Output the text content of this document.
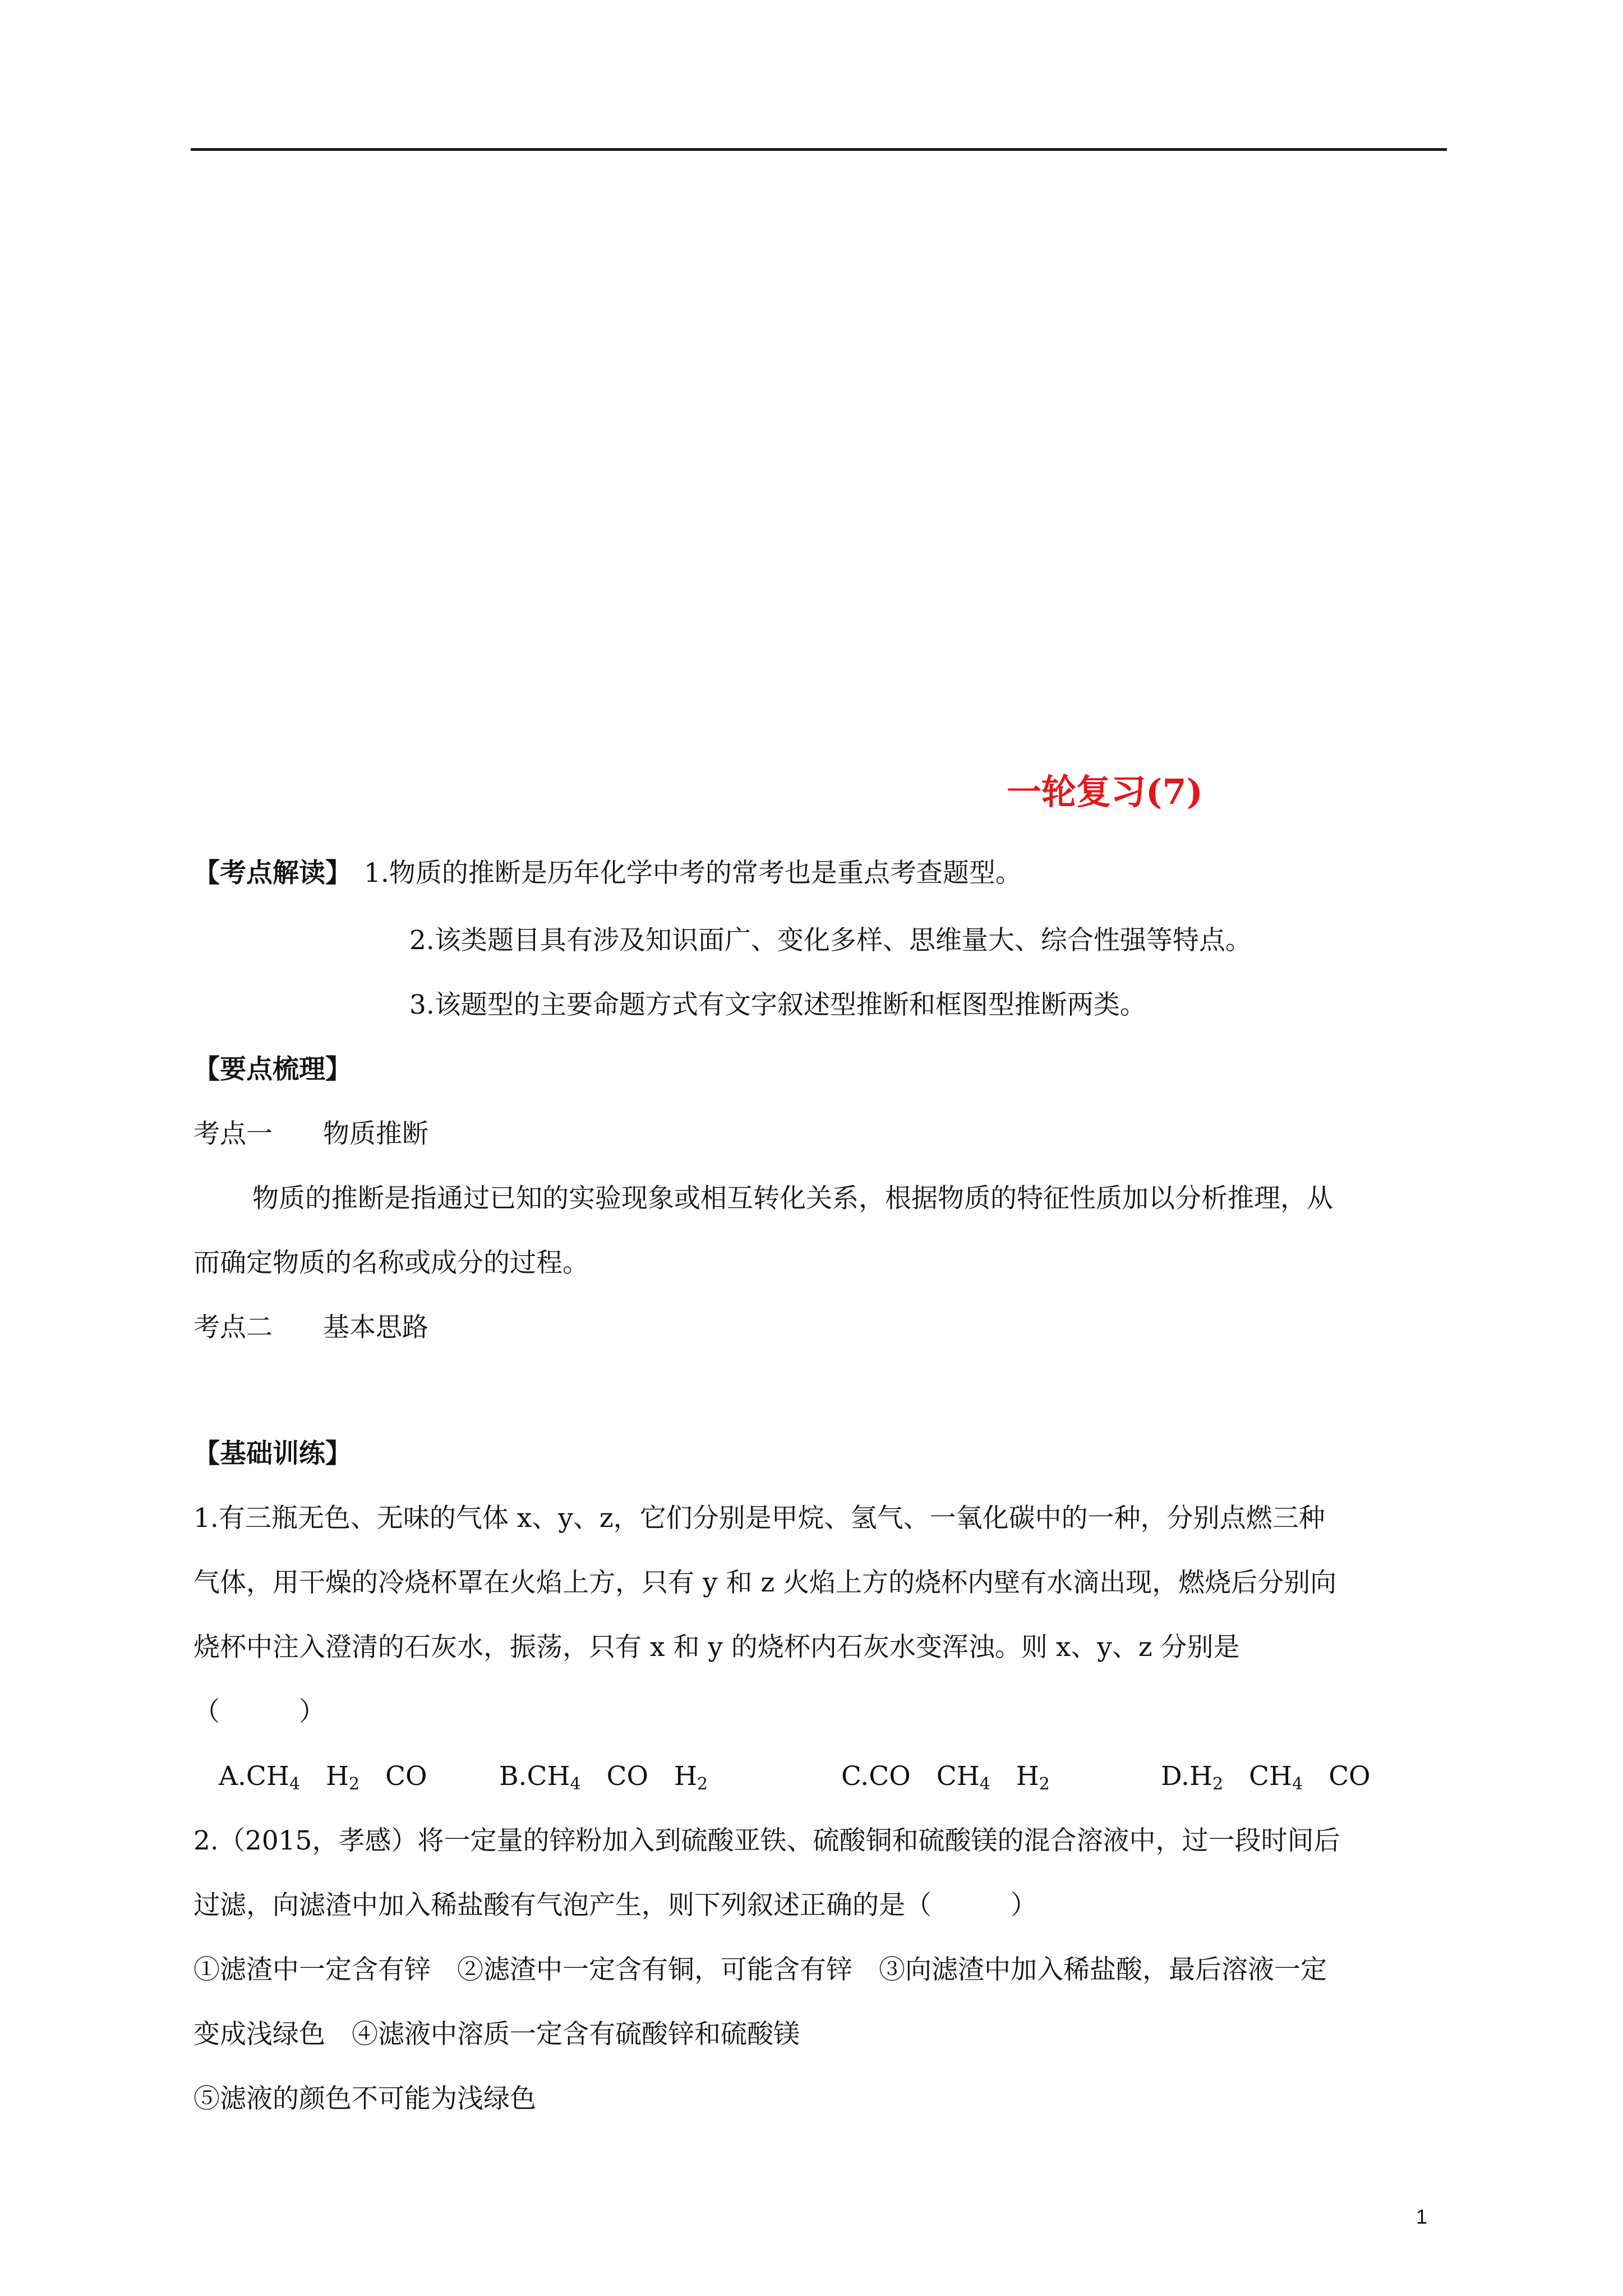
一轮复习(7)
【考点解读】 1.物质的推断是历年化学中考的常考也是重点考查题型。
2.该类题目具有涉及知识面广、变化多样、思维量大、综合性强等特点。
3.该题型的主要命题方式有文字叙述型推断和框图型推断两类。
【要点梳理】
考点一 物质推断
物质的推断是指通过已知的实验现象或相互转化关系，根据物质的特征性质加以分析推理，从
而确定物质的名称或成分的过程。
考点二 基本思路
【基础训练】
1.有三瓶无色、无味的气体 x、y、z，它们分别是甲烷、氢气、一氧化碳中的一种，分别点燃三种
气体，用干燥的冷烧杯罩在火焰上方，只有 y 和 z 火焰上方的烧杯内壁有水滴出现，燃烧后分别向
烧杯中注入澄清的石灰水，振荡，只有 x 和 y 的烧杯内石灰水变浑浊。则 x、y、z 分别是
（　　　）
$A.CH_4$ $H_2$ CO	$B.CH_4$ CO $H_2$	C.CO $CH_4$ $H_2$	$D.H_2$ $CH_4$ CO
2.（2015，孝感）将一定量的锌粉加入到硫酸亚铁、硫酸铜和硫酸镁的混合溶液中，过一段时间后
过滤，向滤渣中加入稀盐酸有气泡产生，则下列叙述正确的是（　　　）
①滤渣中一定含有锌　②滤渣中一定含有铜，可能含有锌　③向滤渣中加入稀盐酸，最后溶液一定
变成浅绿色　④滤液中溶质一定含有硫酸锌和硫酸镁
⑤滤液的颜色不可能为浅绿色
1
